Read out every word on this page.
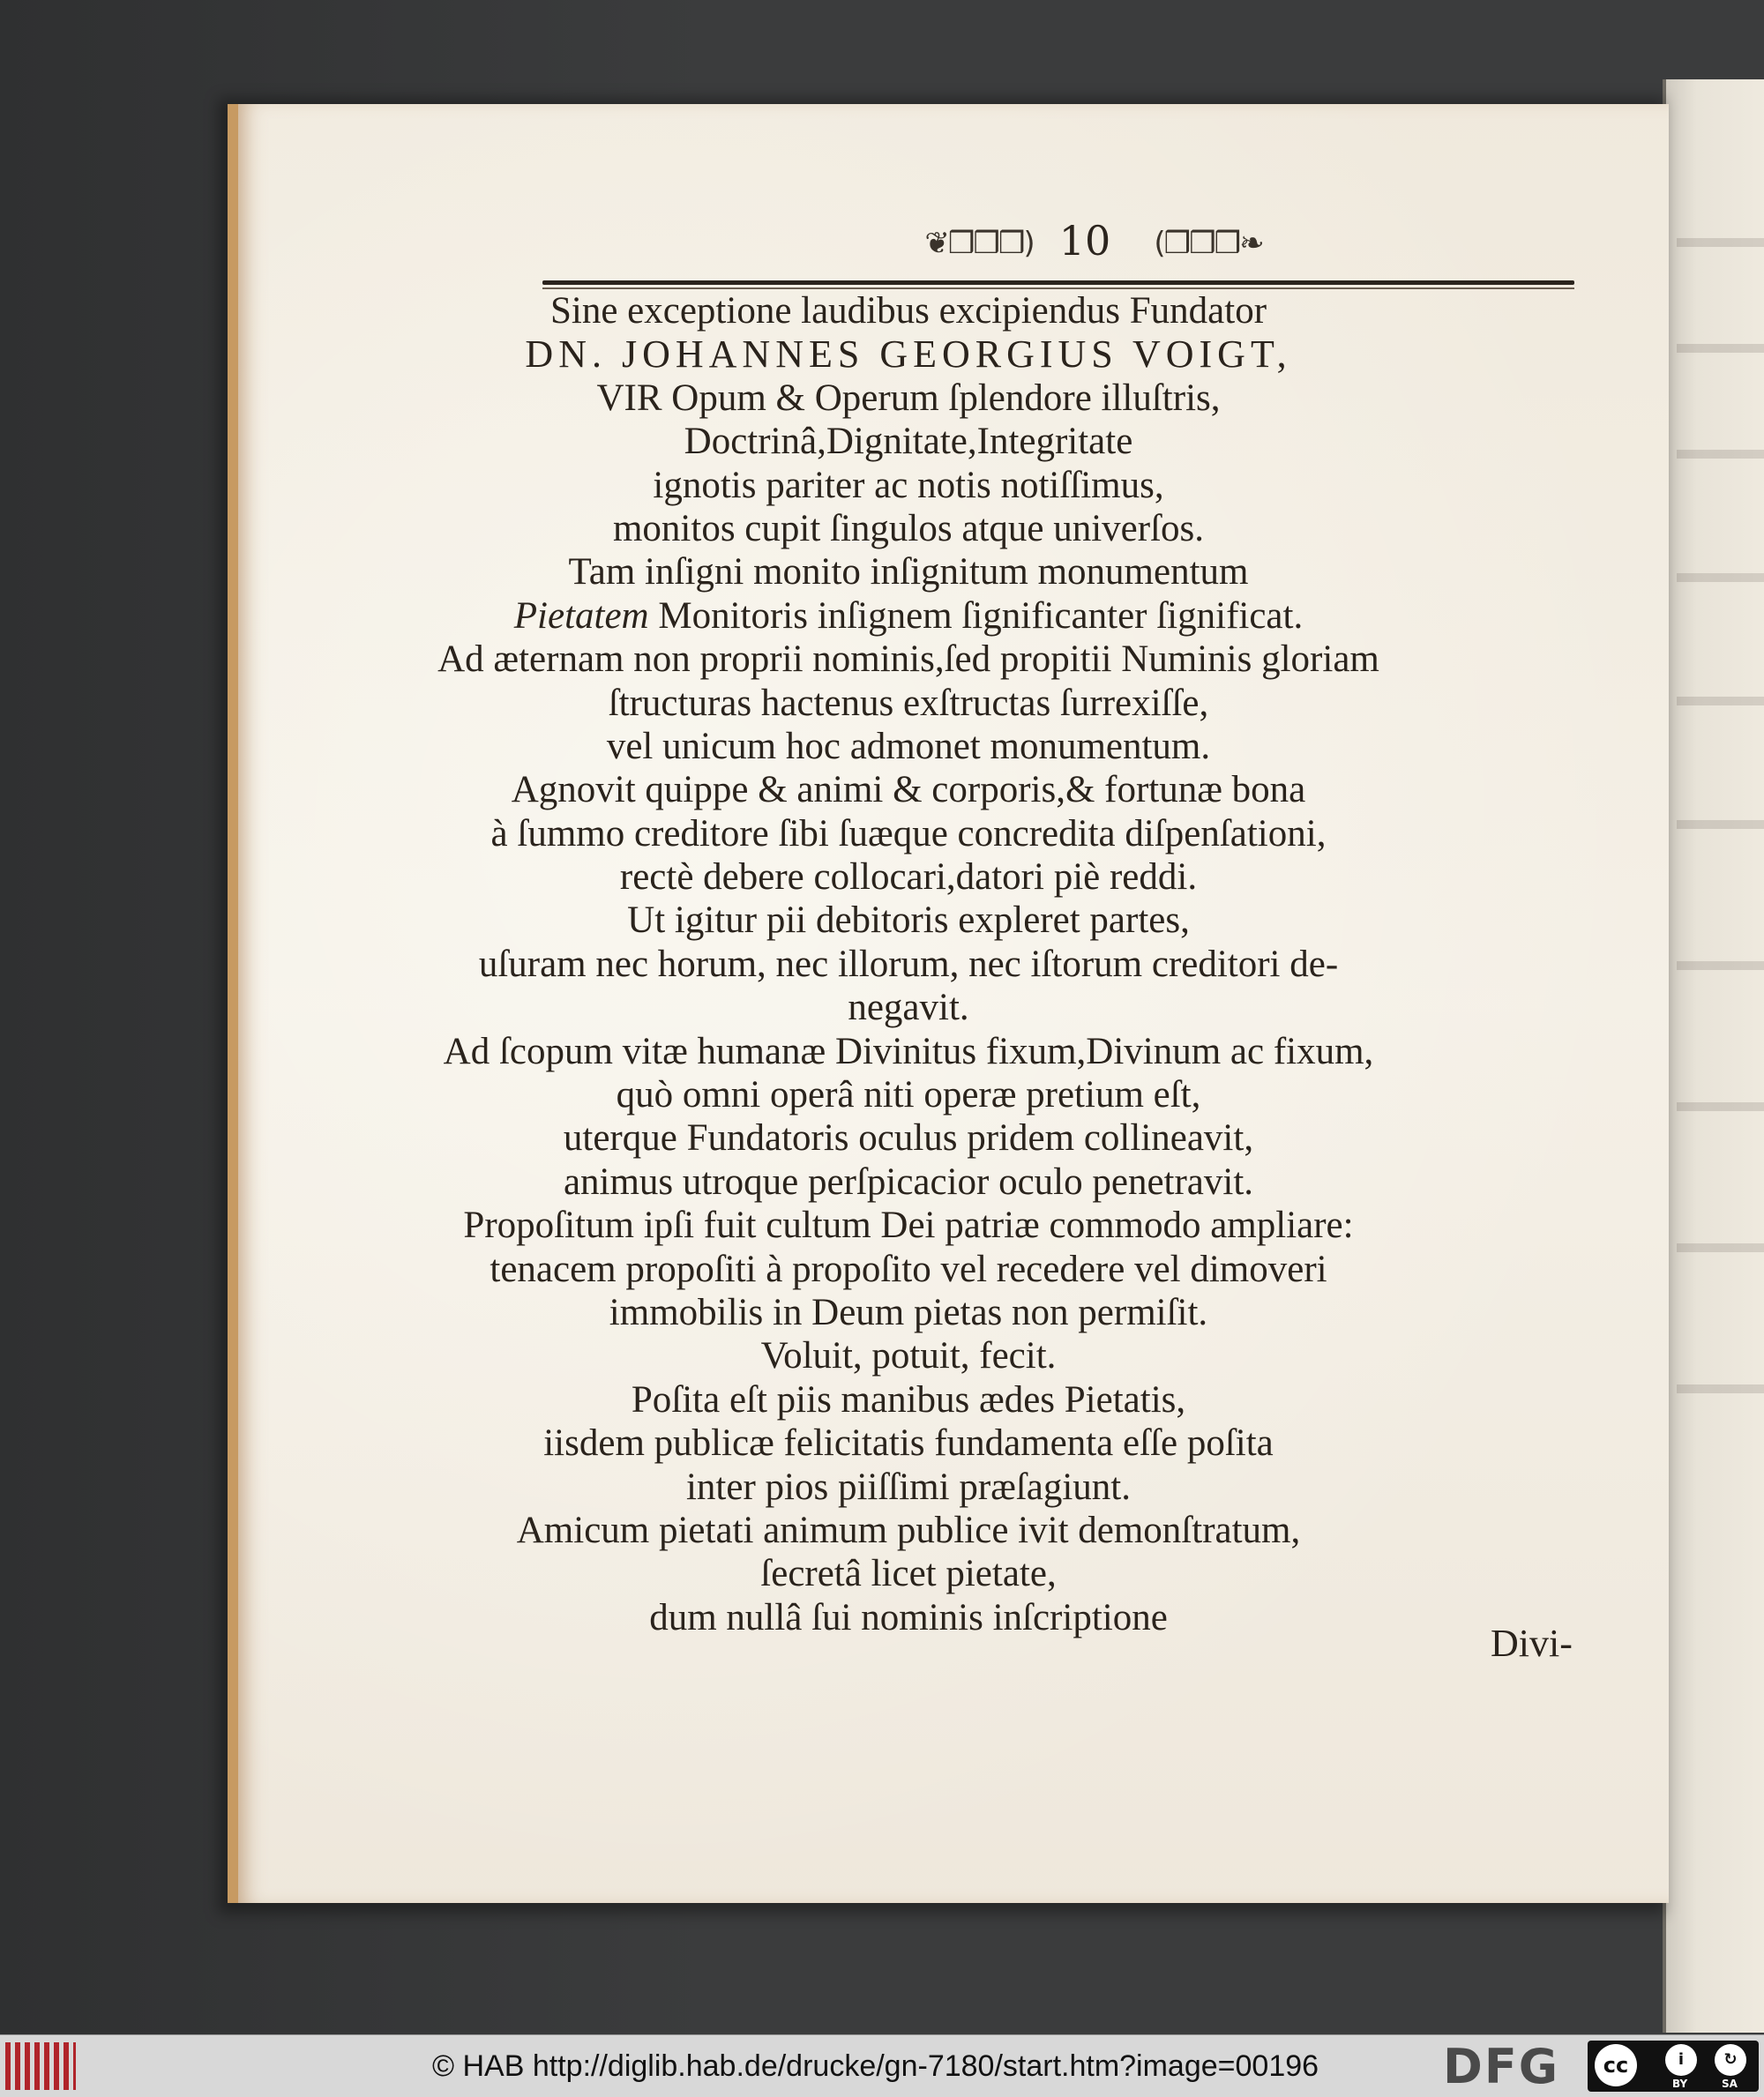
❦❒❒❒) 10	(❒❒❒❧
Sine exceptione laudibus excipiendus Fundator
DN. JOHANNES GEORGIUS VOIGT,
VIR Opum & Operum ſplendore illuſtris,
Doctrinâ,Dignitate,Integritate
ignotis pariter ac notis notiſſimus,
monitos cupit ſingulos atque univerſos.
Tam inſigni monito inſignitum monumentum
Pietatem Monitoris inſignem ſignificanter ſignificat.
Ad æternam non proprii nominis,ſed propitii Numinis gloriam
ſtructuras hactenus exſtructas ſurrexiſſe,
vel unicum hoc admonet monumentum.
Agnovit quippe & animi & corporis,& fortunæ bona
à ſummo creditore ſibi ſuæque concredita diſpenſationi,
rectè debere collocari,datori piè reddi.
Ut igitur pii debitoris expleret partes,
uſuram nec horum, nec illorum, nec iſtorum creditori de-
negavit.
Ad ſcopum vitæ humanæ Divinitus fixum,Divinum ac fixum,
quò omni operâ niti operæ pretium eſt,
uterque Fundatoris oculus pridem collineavit,
animus utroque perſpicacior oculo penetravit.
Propoſitum ipſi fuit cultum Dei patriæ commodo ampliare:
tenacem propoſiti à propoſito vel recedere vel dimoveri
immobilis in Deum pietas non permiſit.
Voluit, potuit, fecit.
Poſita eſt piis manibus ædes Pietatis,
iisdem publicæ felicitatis fundamenta eſſe poſita
inter pios piiſſimi præſagiunt.
Amicum pietati animum publice ivit demonſtratum,
ſecretâ licet pietate,
dum nullâ ſui nominis inſcriptione
Divi-
© HAB http://diglib.hab.de/drucke/gn-7180/start.htm?image=00196	DFG	cc	i	↻
BY	SA
